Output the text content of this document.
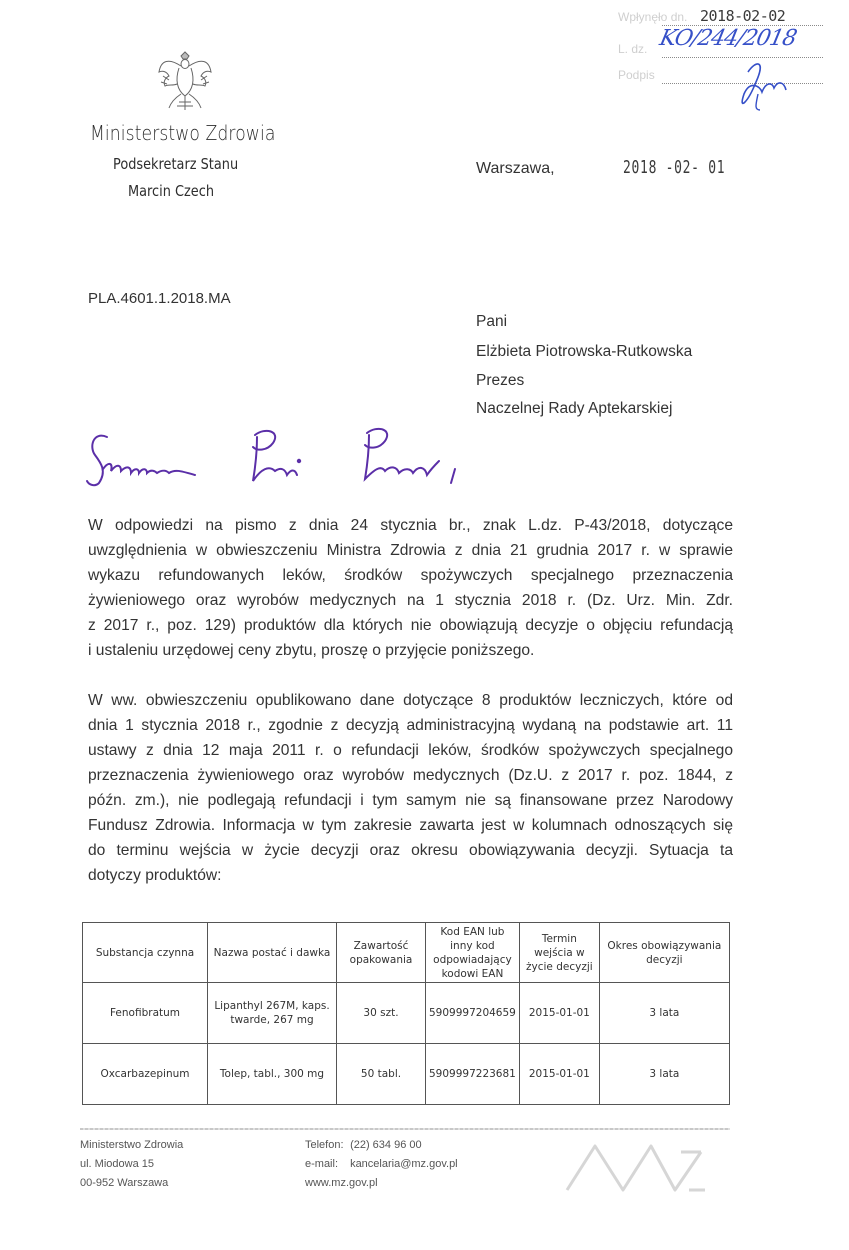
Wpłynęło dn. 2018-02-02
L. dz. KO/244/2018
Podpis
Ministerstwo Zdrowia
Podsekretarz Stanu
Marcin Czech
Warszawa,	2018 -02- 01
PLA.4601.1.2018.MA
Pani
Elżbieta Piotrowska-Rutkowska
Prezes
Naczelnej Rady Aptekarskiej
W odpowiedzi na pismo z dnia 24 stycznia br., znak L.dz. P-43/2018, dotyczące
uwzględnienia w obwieszczeniu Ministra Zdrowia z dnia 21 grudnia 2017 r. w sprawie
wykazu refundowanych leków, środków spożywczych specjalnego przeznaczenia
żywieniowego oraz wyrobów medycznych na 1 stycznia 2018 r. (Dz. Urz. Min. Zdr.
z 2017 r., poz. 129) produktów dla których nie obowiązują decyzje o objęciu refundacją
i ustaleniu urzędowej ceny zbytu, proszę o przyjęcie poniższego.
W ww. obwieszczeniu opublikowano dane dotyczące 8 produktów leczniczych, które od
dnia 1 stycznia 2018 r., zgodnie z decyzją administracyjną wydaną na podstawie art. 11
ustawy z dnia 12 maja 2011 r. o refundacji leków, środków spożywczych specjalnego
przeznaczenia żywieniowego oraz wyrobów medycznych (Dz.U. z 2017 r. poz. 1844, z
późn. zm.), nie podlegają refundacji i tym samym nie są finansowane przez Narodowy
Fundusz Zdrowia. Informacja w tym zakresie zawarta jest w kolumnach odnoszących się
do terminu wejścia w życie decyzji oraz okresu obowiązywania decyzji. Sytuacja ta
dotyczy produktów:
Substancja czynna	Nazwa postać i dawka	Zawartość opakowania	Kod EAN lub inny kod odpowiadający kodowi EAN	Termin wejścia w życie decyzji	Okres obowiązywania decyzji
Fenofibratum	Lipanthyl 267M, kaps. twarde, 267 mg	30 szt.	5909997204659	2015-01-01	3 lata
Oxcarbazepinum	Tolep, tabl., 300 mg	50 tabl.	5909997223681	2015-01-01	3 lata
Ministerstwo Zdrowia
ul. Miodowa 15
00-952 Warszawa
Telefon: (22) 634 96 00
e-mail: kancelaria@mz.gov.pl
www.mz.gov.pl
